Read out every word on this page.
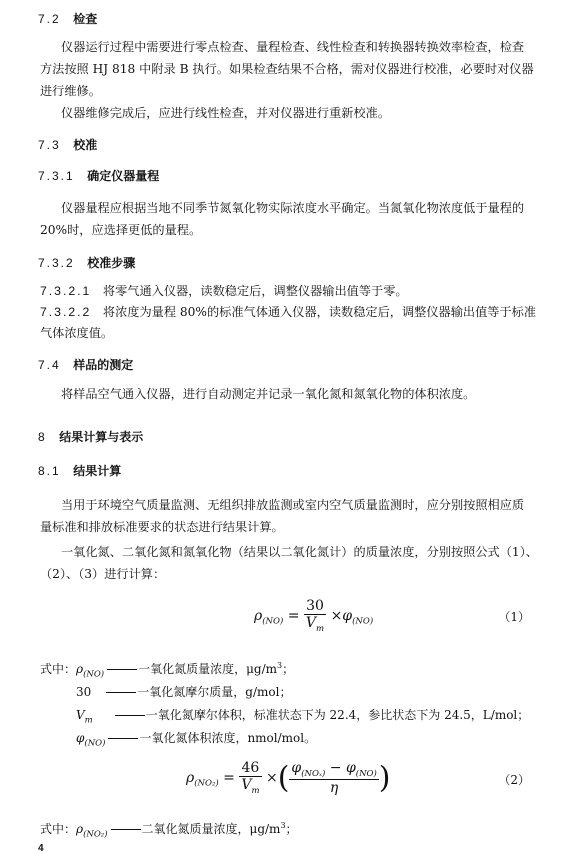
7.2 检查
仪器运行过程中需要进行零点检查、量程检查、线性检查和转换器转换效率检查，检查
方法按照 HJ 818 中附录 B 执行。如果检查结果不合格，需对仪器进行校准，必要时对仪器
进行维修。
仪器维修完成后，应进行线性检查，并对仪器进行重新校准。
7.3 校准
7.3.1 确定仪器量程
仪器量程应根据当地不同季节氮氧化物实际浓度水平确定。当氮氧化物浓度低于量程的
20%时，应选择更低的量程。
7.3.2 校准步骤
7.3.2.1 将零气通入仪器，读数稳定后，调整仪器输出值等于零。
7.3.2.2 将浓度为量程 80%的标准气体通入仪器，读数稳定后，调整仪器输出值等于标准
气体浓度值。
7.4 样品的测定
将样品空气通入仪器，进行自动测定并记录一氧化氮和氮氧化物的体积浓度。
8 结果计算与表示
8.1 结果计算
当用于环境空气质量监测、无组织排放监测或室内空气质量监测时，应分别按照相应质
量标准和排放标准要求的状态进行结果计算。
一氧化氮、二氧化氮和氮氧化物（结果以二氧化氮计）的质量浓度，分别按照公式（1）、
（2）、（3）进行计算：
$\rho_{(NO)} = \frac{30}{V_m} \times\varphi_{(NO)}$	（1）
式中：$\rho_{(NO)}$	一氧化氮质量浓度，$\mu g/m^3$；
30	一氧化氮摩尔质量，g/mol；
$V_m$	一氧化氮摩尔体积，标准状态下为 22.4，参比状态下为 24.5，L/mol；
$\varphi_{(NO)}$	一氧化氮体积浓度，nmol/mol。
$\rho_{(NO_2)} = \frac{46}{V_m}$ ×( $\frac{\varphi_{(NO_x)} - \varphi_{(NO)}}{\eta}$ )	（2）
式中：$\rho_{(NO_2)}$	二氧化氮质量浓度，$\mu g/m^3$；
4
